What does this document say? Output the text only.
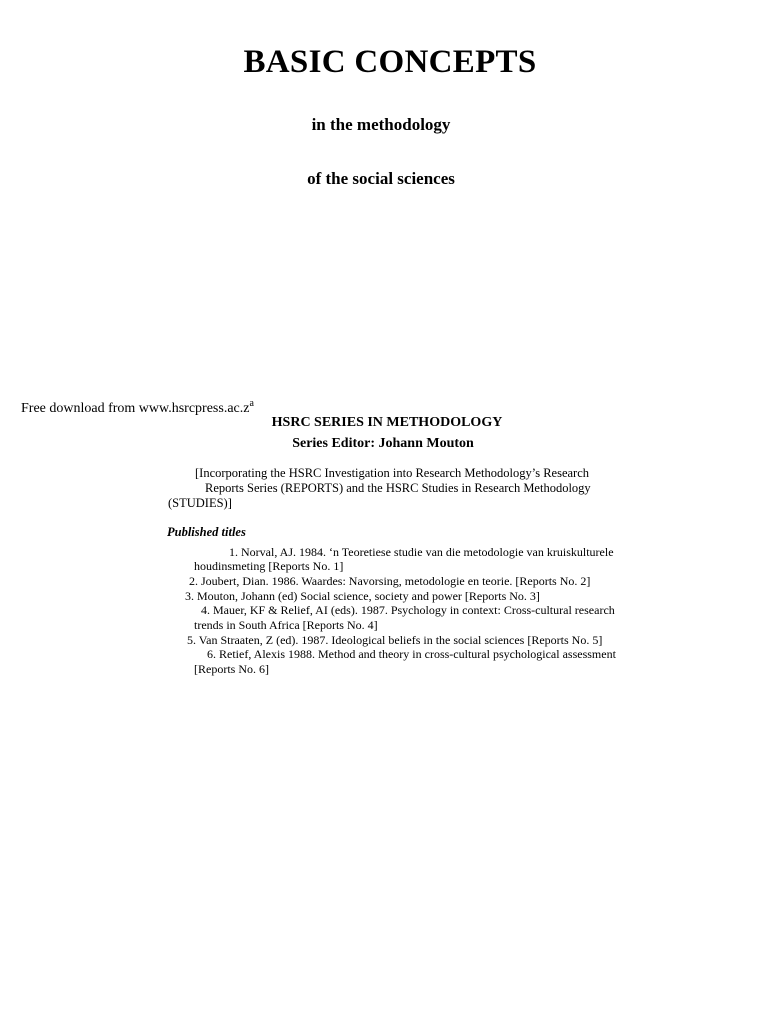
BASIC CONCEPTS
in the methodology
of the social sciences
Free download from $www.hsrcpress.ac.z^a$
HSRC SERIES IN METHODOLOGY
Series Editor: Johann Mouton
[Incorporating the HSRC Investigation into Research Methodology’s Research
Reports Series (REPORTS) and the HSRC Studies in Research Methodology
(STUDIES)]
Published titles
1. Norval, AJ. 1984. ‘n Teoretiese studie van die metodologie van kruiskulturele
houdinsmeting [Reports No. 1]
2. Joubert, Dian. 1986. Waardes: Navorsing, metodologie en teorie. [Reports No. 2]
3. Mouton, Johann (ed) Social science, society and power [Reports No. 3]
4. Mauer, KF & Relief, AI (eds). 1987. Psychology in context: Cross-cultural research
trends in South Africa [Reports No. 4]
5. Van Straaten, Z (ed). 1987. Ideological beliefs in the social sciences [Reports No. 5]
6. Retief, Alexis 1988. Method and theory in cross-cultural psychological assessment
[Reports No. 6]
